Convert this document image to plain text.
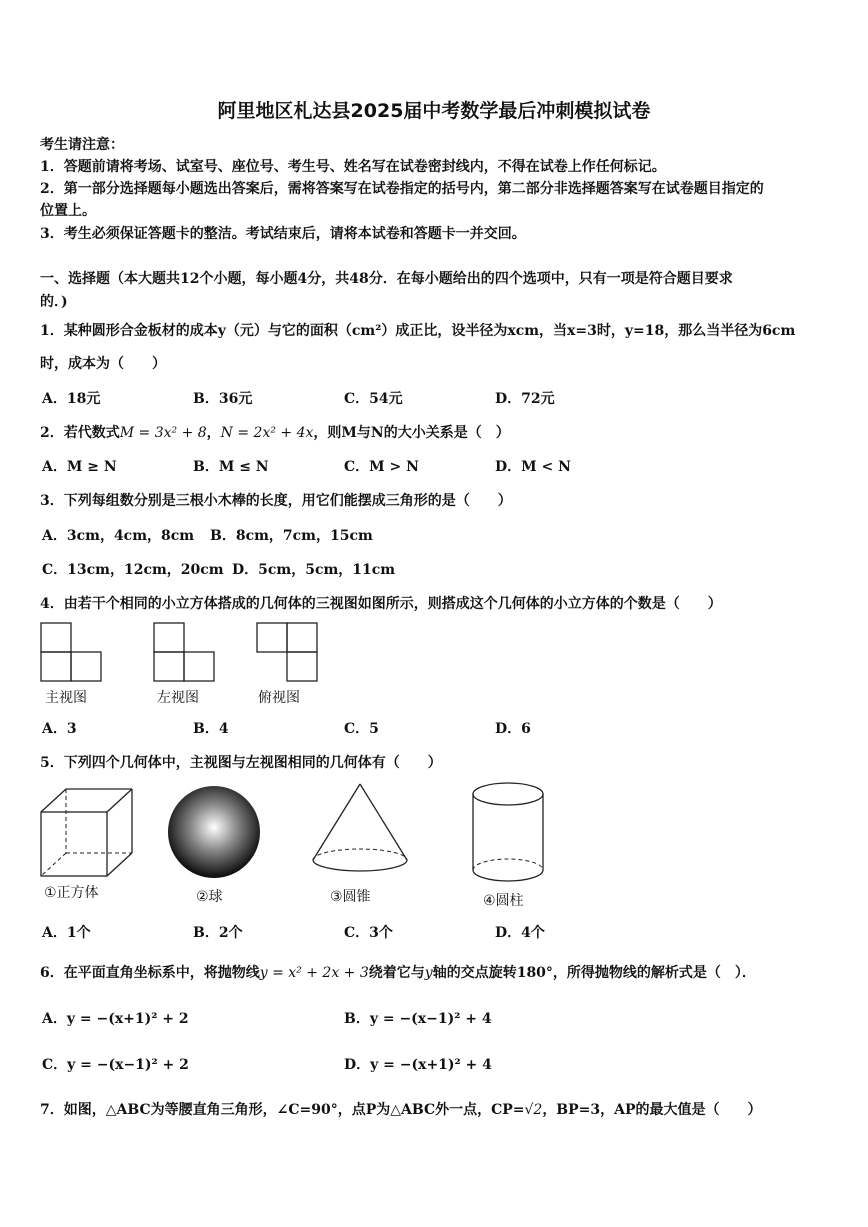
阿里地区札达县2025届中考数学最后冲刺模拟试卷
考生请注意：
1．答题前请将考场、试室号、座位号、考生号、姓名写在试卷密封线内，不得在试卷上作任何标记。
2．第一部分选择题每小题选出答案后，需将答案写在试卷指定的括号内，第二部分非选择题答案写在试卷题目指定的
位置上。
3．考生必须保证答题卡的整洁。考试结束后，请将本试卷和答题卡一并交回。
一、选择题（本大题共12个小题，每小题4分，共48分．在每小题给出的四个选项中，只有一项是符合题目要求
的．)
1．某种圆形合金板材的成本y（元）与它的面积（cm²）成正比，设半径为xcm，当x=3时，y=18，那么当半径为6cm
时，成本为（　　）
A．18元	B．36元	C．54元	D．72元
2．若代数式M = 3x² + 8，N = 2x² + 4x，则M与N的大小关系是（　）
A．M ≥ N	B．M ≤ N	C．M > N	D．M < N
3．下列每组数分别是三根小木棒的长度，用它们能摆成三角形的是（　　）
A．3cm，4cm，8cm B．8cm，7cm，15cm
C．13cm，12cm，20cm D．5cm，5cm，11cm
4．由若干个相同的小立方体搭成的几何体的三视图如图所示，则搭成这个几何体的小立方体的个数是（　　）
主视图	左视图	俯视图
A．3	B．4	C．5	D．6
5．下列四个几何体中，主视图与左视图相同的几何体有（　　）
①正方体	②球	③圆锥	④圆柱
A．1个	B．2个	C．3个	D．4个
6．在平面直角坐标系中，将抛物线y = x² + 2x + 3绕着它与y轴的交点旋转180°，所得抛物线的解析式是（　）．
A．y = −(x+1)² + 2	B．y = −(x−1)² + 4
C．y = −(x−1)² + 2	D．y = −(x+1)² + 4
7．如图，△ABC为等腰直角三角形，∠C=90°，点P为△ABC外一点，CP=√2，BP=3，AP的最大值是（　　）
